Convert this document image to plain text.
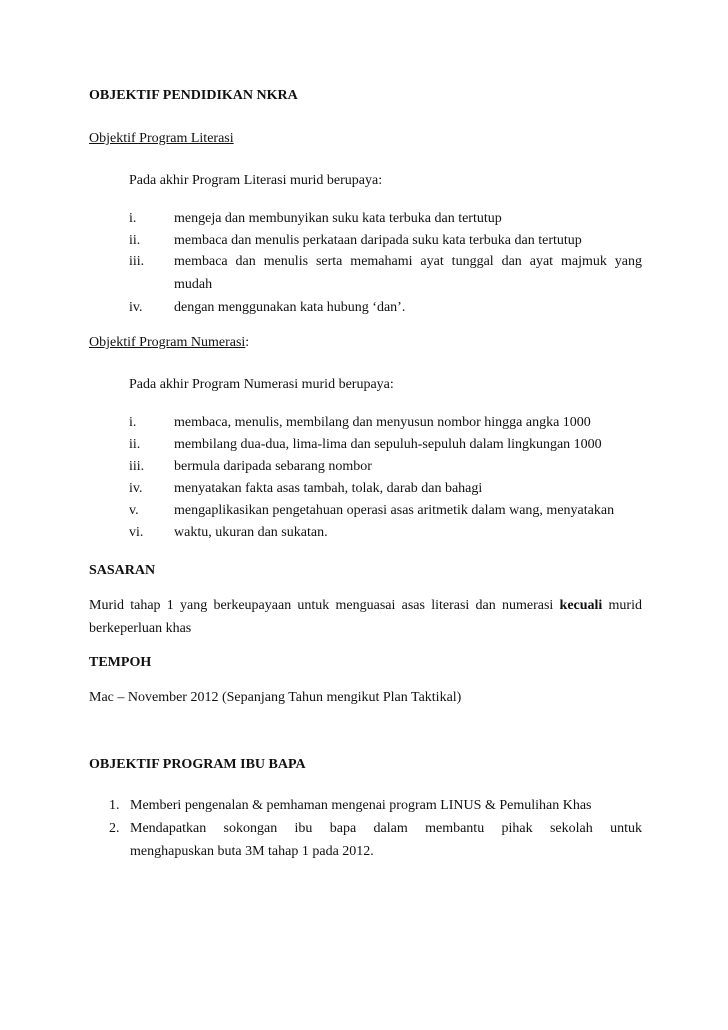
OBJEKTIF PENDIDIKAN NKRA
Objektif Program Literasi
Pada akhir Program Literasi murid berupaya:
i.	mengeja dan membunyikan suku kata terbuka dan tertutup
ii. membaca dan menulis perkataan daripada suku kata terbuka dan tertutup
iii. membaca dan menulis serta memahami ayat tunggal dan ayat majmuk yang
mudah
iv. dengan menggunakan kata hubung ‘dan’.
Objektif Program Numerasi:
Pada akhir Program Numerasi murid berupaya:
i.	membaca, menulis, membilang dan menyusun nombor hingga angka 1000
ii. membilang dua-dua, lima-lima dan sepuluh-sepuluh dalam lingkungan 1000
iii. bermula daripada sebarang nombor
iv. menyatakan fakta asas tambah, tolak, darab dan bahagi
v.	mengaplikasikan pengetahuan operasi asas aritmetik dalam wang, menyatakan
vi. waktu, ukuran dan sukatan.
SASARAN
Murid tahap 1 yang berkeupayaan untuk menguasai asas literasi dan numerasi kecuali murid
berkeperluan khas
TEMPOH
Mac – November 2012 (Sepanjang Tahun mengikut Plan Taktikal)
OBJEKTIF PROGRAM IBU BAPA
1. Memberi pengenalan & pemhaman mengenai program LINUS & Pemulihan Khas
2. Mendapatkan sokongan ibu bapa dalam membantu pihak sekolah untuk
menghapuskan buta 3M tahap 1 pada 2012.
